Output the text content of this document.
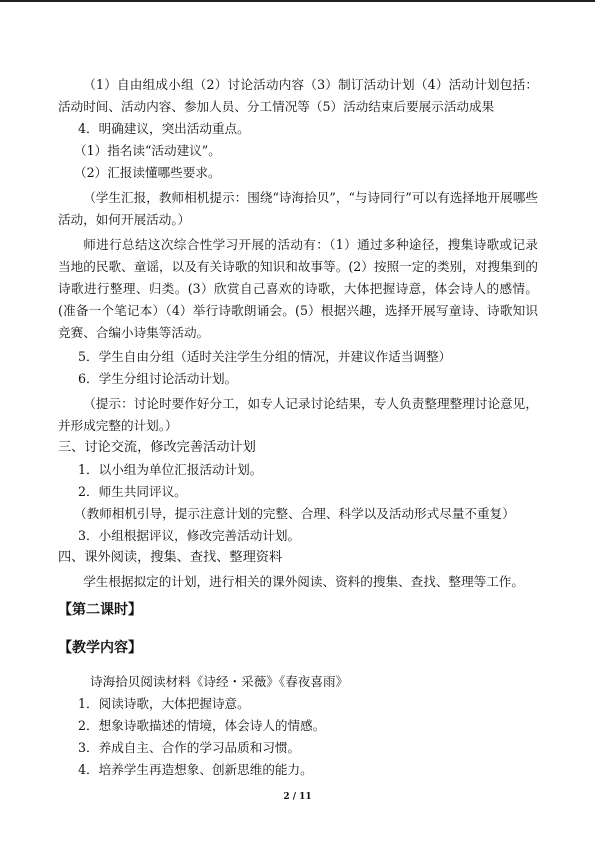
（1）自由组成小组（2）讨论活动内容（3）制订活动计划（4）活动计划包括：活动时间、活动内容、参加人员、分工情况等（5）活动结束后要展示活动成果

4．明确建议，突出活动重点。

（1）指名读“活动建议”。

（2）汇报读懂哪些要求。

（学生汇报，教师相机提示：围绕“诗海拾贝”，“与诗同行”可以有选择地开展哪些活动，如何开展活动。）

师进行总结这次综合性学习开展的活动有：（1）通过多种途径，搜集诗歌或记录当地的民歌、童谣，以及有关诗歌的知识和故事等。(2）按照一定的类别，对搜集到的诗歌进行整理、归类。(3）欣赏自己喜欢的诗歌，大体把握诗意，体会诗人的感情。(准备一个笔记本）（4）举行诗歌朗诵会。(5）根据兴趣，选择开展写童诗、诗歌知识竞赛、合编小诗集等活动。

5．学生自由分组（适时关注学生分组的情况，并建议作适当调整）

6．学生分组讨论活动计划。

（提示：讨论时要作好分工，如专人记录讨论结果，专人负责整理整理讨论意见，并形成完整的计划。）

三、讨论交流，修改完善活动计划

1．以小组为单位汇报活动计划。

2．师生共同评议。

（教师相机引导，提示注意计划的完整、合理、科学以及活动形式尽量不重复）

3．小组根据评议，修改完善活动计划。

四、课外阅读，搜集、查找、整理资料

学生根据拟定的计划，进行相关的课外阅读、资料的搜集、查找、整理等工作。

【第二课时】

【教学内容】

诗海拾贝阅读材料《诗经・采薇》《春夜喜雨》

1．阅读诗歌，大体把握诗意。

2．想象诗歌描述的情境，体会诗人的情感。

3．养成自主、合作的学习品质和习惯。

4．培养学生再造想象、创新思维的能力。

2 / 11
